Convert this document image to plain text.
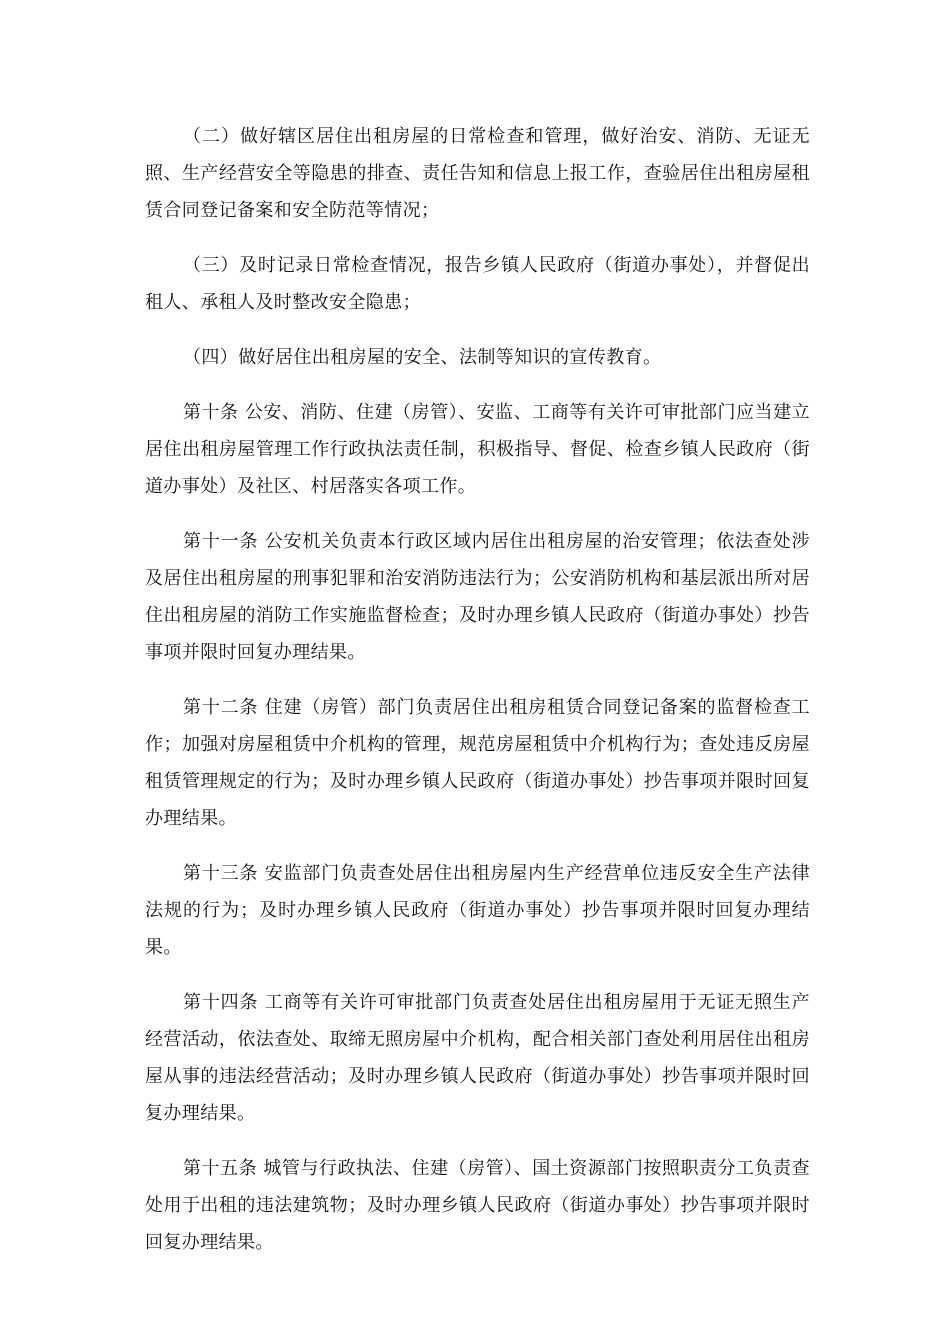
（二）做好辖区居住出租房屋的日常检查和管理，做好治安、消防、无证无照、生产经营安全等隐患的排查、责任告知和信息上报工作，查验居住出租房屋租赁合同登记备案和安全防范等情况；

（三）及时记录日常检查情况，报告乡镇人民政府（街道办事处），并督促出租人、承租人及时整改安全隐患；

（四）做好居住出租房屋的安全、法制等知识的宣传教育。

第十条 公安、消防、住建（房管）、安监、工商等有关许可审批部门应当建立居住出租房屋管理工作行政执法责任制，积极指导、督促、检查乡镇人民政府（街道办事处）及社区、村居落实各项工作。

第十一条 公安机关负责本行政区域内居住出租房屋的治安管理；依法查处涉及居住出租房屋的刑事犯罪和治安消防违法行为；公安消防机构和基层派出所对居住出租房屋的消防工作实施监督检查；及时办理乡镇人民政府（街道办事处）抄告事项并限时回复办理结果。

第十二条 住建（房管）部门负责居住出租房租赁合同登记备案的监督检查工作；加强对房屋租赁中介机构的管理，规范房屋租赁中介机构行为；查处违反房屋租赁管理规定的行为；及时办理乡镇人民政府（街道办事处）抄告事项并限时回复办理结果。

第十三条 安监部门负责查处居住出租房屋内生产经营单位违反安全生产法律法规的行为；及时办理乡镇人民政府（街道办事处）抄告事项并限时回复办理结果。

第十四条 工商等有关许可审批部门负责查处居住出租房屋用于无证无照生产经营活动，依法查处、取缔无照房屋中介机构，配合相关部门查处利用居住出租房屋从事的违法经营活动；及时办理乡镇人民政府（街道办事处）抄告事项并限时回复办理结果。

第十五条 城管与行政执法、住建（房管）、国土资源部门按照职责分工负责查处用于出租的违法建筑物；及时办理乡镇人民政府（街道办事处）抄告事项并限时回复办理结果。
